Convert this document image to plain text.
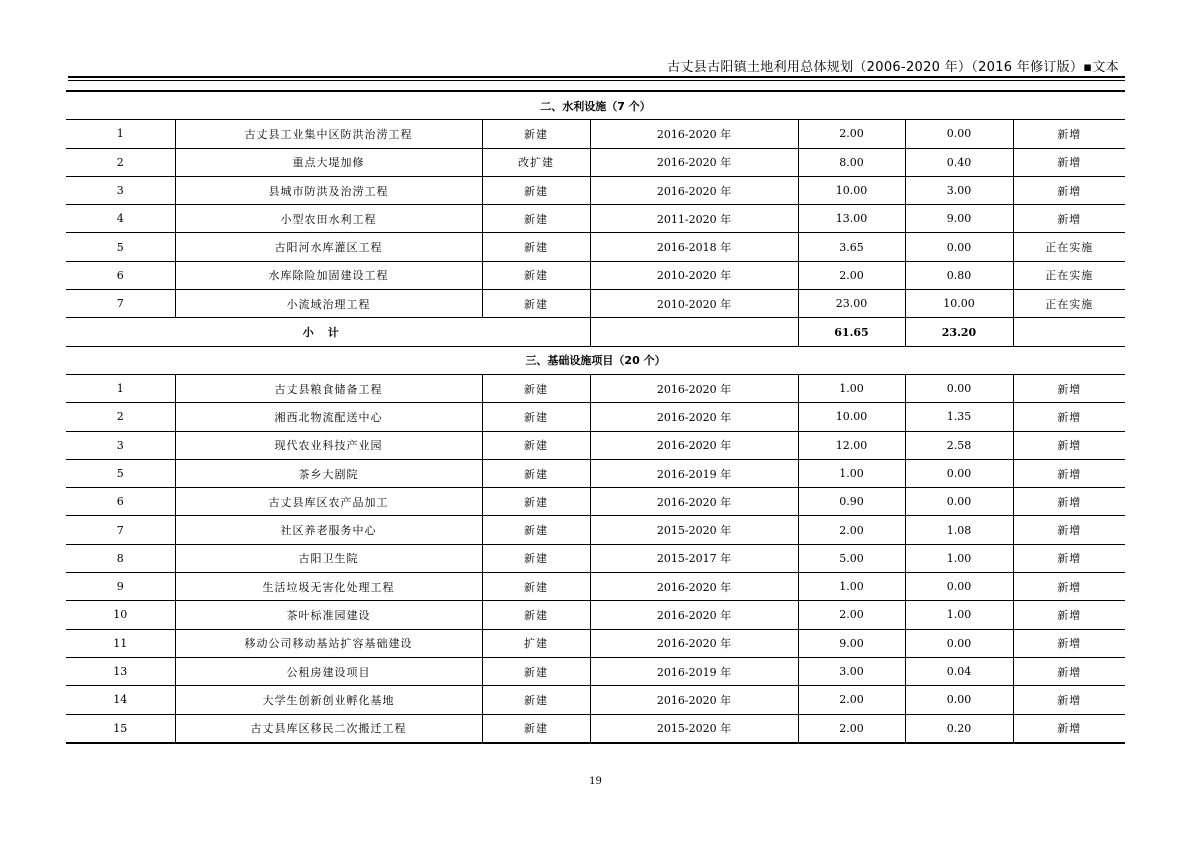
古丈县古阳镇土地利用总体规划（2006-2020 年）（2016 年修订版）▪文本
二、水利设施（7 个）						
1	古丈县工业集中区防洪治涝工程	新建	2016-2020 年	2.00	0.00	新增
2	重点大堤加修	改扩建	2016-2020 年	8.00	0.40	新增
3	县城市防洪及治涝工程	新建	2016-2020 年	10.00	3.00	新增
4	小型农田水利工程	新建	2011-2020 年	13.00	9.00	新增
5	古阳河水库灌区工程	新建	2016-2018 年	3.65	0.00	正在实施
6	水库除险加固建设工程	新建	2010-2020 年	2.00	0.80	正在实施
7	小流域治理工程	新建	2010-2020 年	23.00	10.00	正在实施
小计				61.65	23.20	
三、基础设施项目（20 个）						
1	古丈县粮食储备工程	新建	2016-2020 年	1.00	0.00	新增
2	湘西北物流配送中心	新建	2016-2020 年	10.00	1.35	新增
3	现代农业科技产业园	新建	2016-2020 年	12.00	2.58	新增
5	茶乡大剧院	新建	2016-2019 年	1.00	0.00	新增
6	古丈县库区农产品加工	新建	2016-2020 年	0.90	0.00	新增
7	社区养老服务中心	新建	2015-2020 年	2.00	1.08	新增
8	古阳卫生院	新建	2015-2017 年	5.00	1.00	新增
9	生活垃圾无害化处理工程	新建	2016-2020 年	1.00	0.00	新增
10	茶叶标准园建设	新建	2016-2020 年	2.00	1.00	新增
11	移动公司移动基站扩容基础建设	扩建	2016-2020 年	9.00	0.00	新增
13	公租房建设项目	新建	2016-2019 年	3.00	0.04	新增
14	大学生创新创业孵化基地	新建	2016-2020 年	2.00	0.00	新增
15	古丈县库区移民二次搬迁工程	新建	2015-2020 年	2.00	0.20	新增
19
